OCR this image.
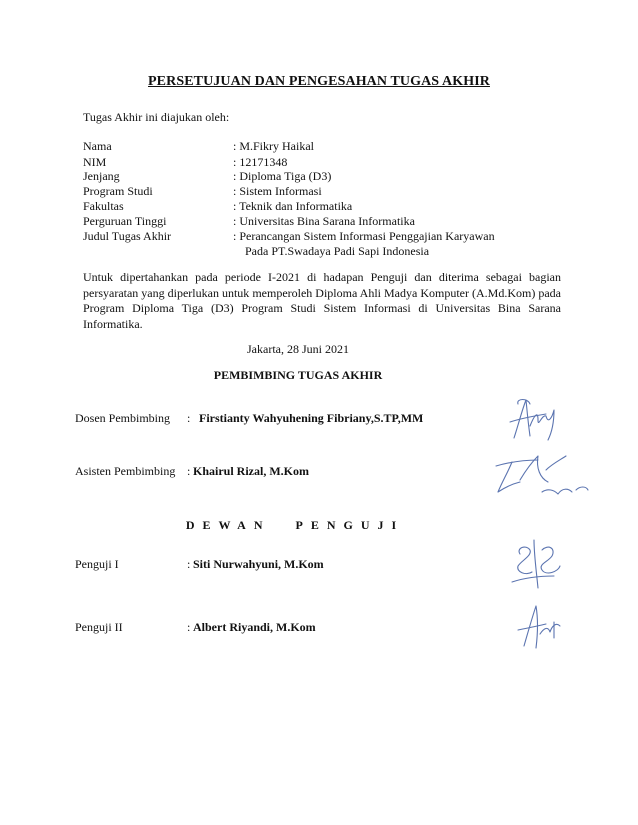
PERSETUJUAN DAN PENGESAHAN TUGAS AKHIR
Tugas Akhir ini diajukan oleh:
Nama	: M.Fikry Haikal
NIM	: 12171348
Jenjang	: Diploma Tiga (D3)
Program Studi	: Sistem Informasi
Fakultas	: Teknik dan Informatika
Perguruan Tinggi	: Universitas Bina Sarana Informatika
Judul Tugas Akhir	: Perancangan Sistem Informasi Penggajian Karyawan
Pada PT.Swadaya Padi Sapi Indonesia
Untuk dipertahankan pada periode I-2021 di hadapan Penguji dan diterima sebagai bagian persyaratan yang diperlukan untuk memperoleh Diploma Ahli Madya Komputer (A.Md.Kom) pada Program Diploma Tiga (D3) Program Studi Sistem Informasi di Universitas Bina Sarana Informatika.
Jakarta, 28 Juni 2021
PEMBIMBING TUGAS AKHIR
Dosen Pembimbing : Firstianty Wahyuhening Fibriany,S.TP,MM
Asisten Pembimbing : Khairul Rizal, M.Kom
DEWAN PENGUJI
Penguji I	: Siti Nurwahyuni, M.Kom
Penguji II	: Albert Riyandi, M.Kom
